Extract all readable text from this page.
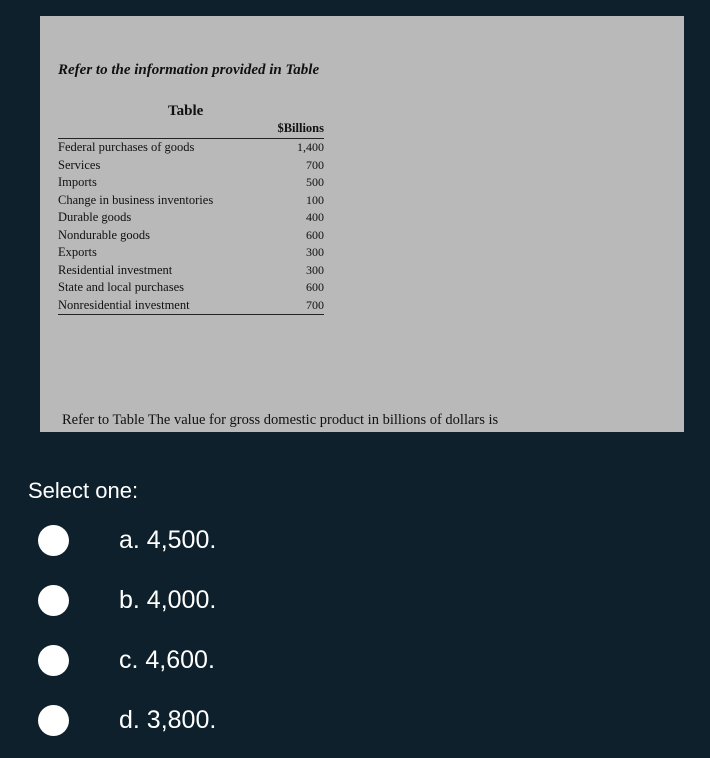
Refer to the information provided in Table
Table
	$Billions
Federal purchases of goods	1,400
Services	700
Imports	500
Change in business inventories	100
Durable goods	400
Nondurable goods	600
Exports	300
Residential investment	300
State and local purchases	600
Nonresidential investment	700
Refer to Table The value for gross domestic product in billions of dollars is
Select one:
a. 4,500.
b. 4,000.
c. 4,600.
d. 3,800.
